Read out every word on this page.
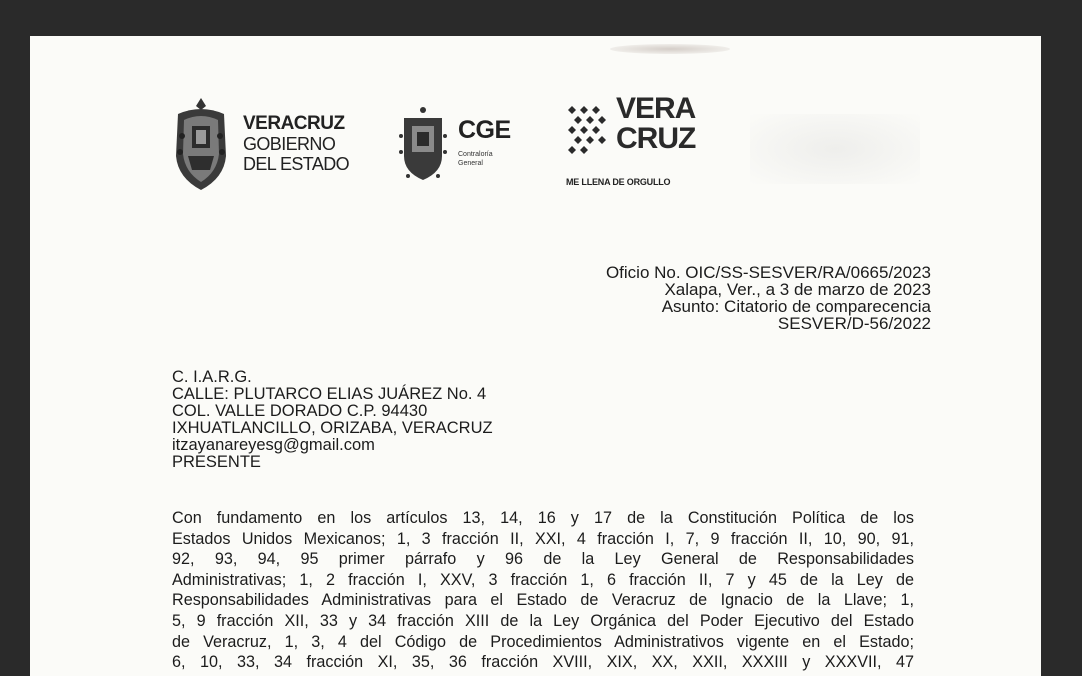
VERACRUZ
GOBIERNO
DEL ESTADO
CGE
Contraloría General
VERA
CRUZ
ME LLENA DE ORGULLO
Oficio No. OIC/SS-SESVER/RA/0665/2023
Xalapa, Ver., a 3 de marzo de 2023
Asunto: Citatorio de comparecencia
SESVER/D-56/2022
C. I.A.R.G.
CALLE: PLUTARCO ELIAS JUÁREZ No. 4
COL. VALLE DORADO C.P. 94430
IXHUATLANCILLO, ORIZABA, VERACRUZ
itzayanareyesg@gmail.com
PRESENTE
Con fundamento en los artículos 13, 14, 16 y 17 de la Constitución Política de los
Estados Unidos Mexicanos; 1, 3 fracción II, XXI, 4 fracción I, 7, 9 fracción II, 10, 90, 91,
92, 93, 94, 95 primer párrafo y 96 de la Ley General de Responsabilidades
Administrativas; 1, 2 fracción I, XXV, 3 fracción 1, 6 fracción II, 7 y 45 de la Ley de
Responsabilidades Administrativas para el Estado de Veracruz de Ignacio de la Llave; 1,
5, 9 fracción XII, 33 y 34 fracción XIII de la Ley Orgánica del Poder Ejecutivo del Estado
de Veracruz, 1, 3, 4 del Código de Procedimientos Administrativos vigente en el Estado;
6, 10, 33, 34 fracción XI, 35, 36 fracción XVIII, XIX, XX, XXII, XXXIII y XXXVII, 47
